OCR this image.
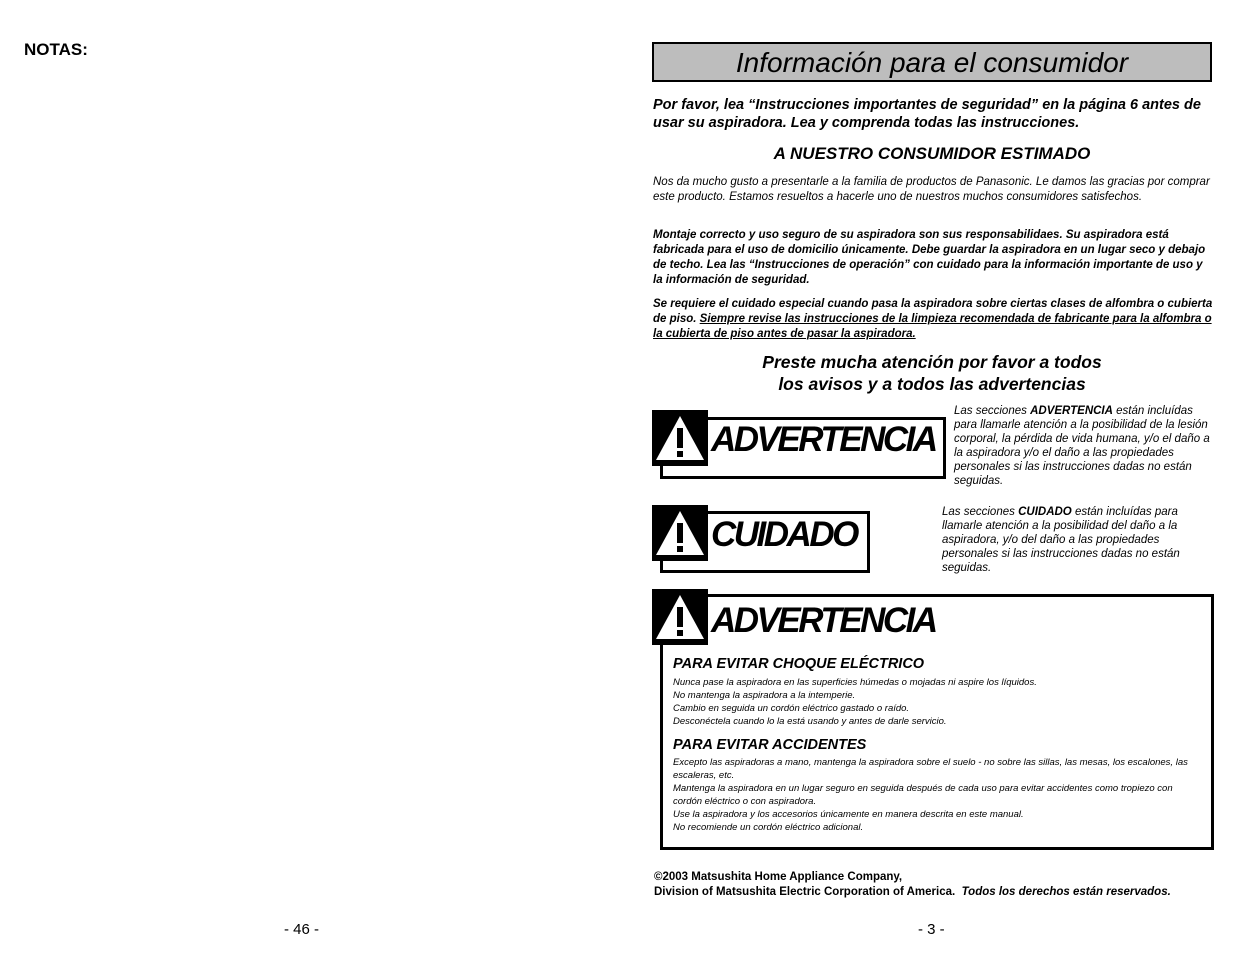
NOTAS:
- 46 -
Información para el consumidor
Por favor, lea “Instrucciones importantes de seguridad” en la página 6 antes de usar su aspiradora. Lea y comprenda todas las instrucciones.
A NUESTRO CONSUMIDOR ESTIMADO
Nos da mucho gusto a presentarle a la familia de productos de Panasonic. Le damos las gracias por comprar este producto. Estamos resueltos a hacerle uno de nuestros muchos consumidores satisfechos.
Montaje correcto y uso seguro de su aspiradora son sus responsabilidaes. Su aspiradora está fabricada para el uso de domicilio únicamente. Debe guardar la aspiradora en un lugar seco y debajo de techo. Lea las “Instrucciones de operación” con cuidado para la información importante de uso y la información de seguridad.
Se requiere el cuidado especial cuando pasa la aspiradora sobre ciertas clases de alfombra o cubierta de piso. Siempre revise las instrucciones de la limpieza recomendada de fabricante para la alfombra o la cubierta de piso antes de pasar la aspiradora.
Preste mucha atención por favor a todos
los avisos y a todos las advertencias
ADVERTENCIA
Las secciones ADVERTENCIA están incluídas para llamarle atención a la posibilidad de la lesión corporal, la pérdida de vida humana, y/o el daño a la aspiradora y/o el daño a las propiedades personales si las instrucciones dadas no están seguidas.
CUIDADO
Las secciones CUIDADO están incluídas para llamarle atención a la posibilidad del daño a la aspiradora, y/o del daño a las propiedades personales si las instrucciones dadas no están seguidas.
ADVERTENCIA
PARA EVITAR CHOQUE ELÉCTRICO
Nunca pase la aspiradora en las superficies húmedas o mojadas ni aspire los líquidos.
No mantenga la aspiradora a la intemperie.
Cambio en seguida un cordón eléctrico gastado o raído.
Desconéctela cuando lo la está usando y antes de darle servicio.
PARA EVITAR ACCIDENTES
Excepto las aspiradoras a mano, mantenga la aspiradora sobre el suelo - no sobre las sillas, las mesas, los escalones, las escaleras, etc.
Mantenga la aspiradora en un lugar seguro en seguida después de cada uso para evitar accidentes como tropiezo con cordón eléctrico o con aspiradora.
Use la aspiradora y los accesorios únicamente en manera descrita en este manual.
No recomiende un cordón eléctrico adicional.
©2003 Matsushita Home Appliance Company,
Division of Matsushita Electric Corporation of America. Todos los derechos están reservados.
- 3 -
